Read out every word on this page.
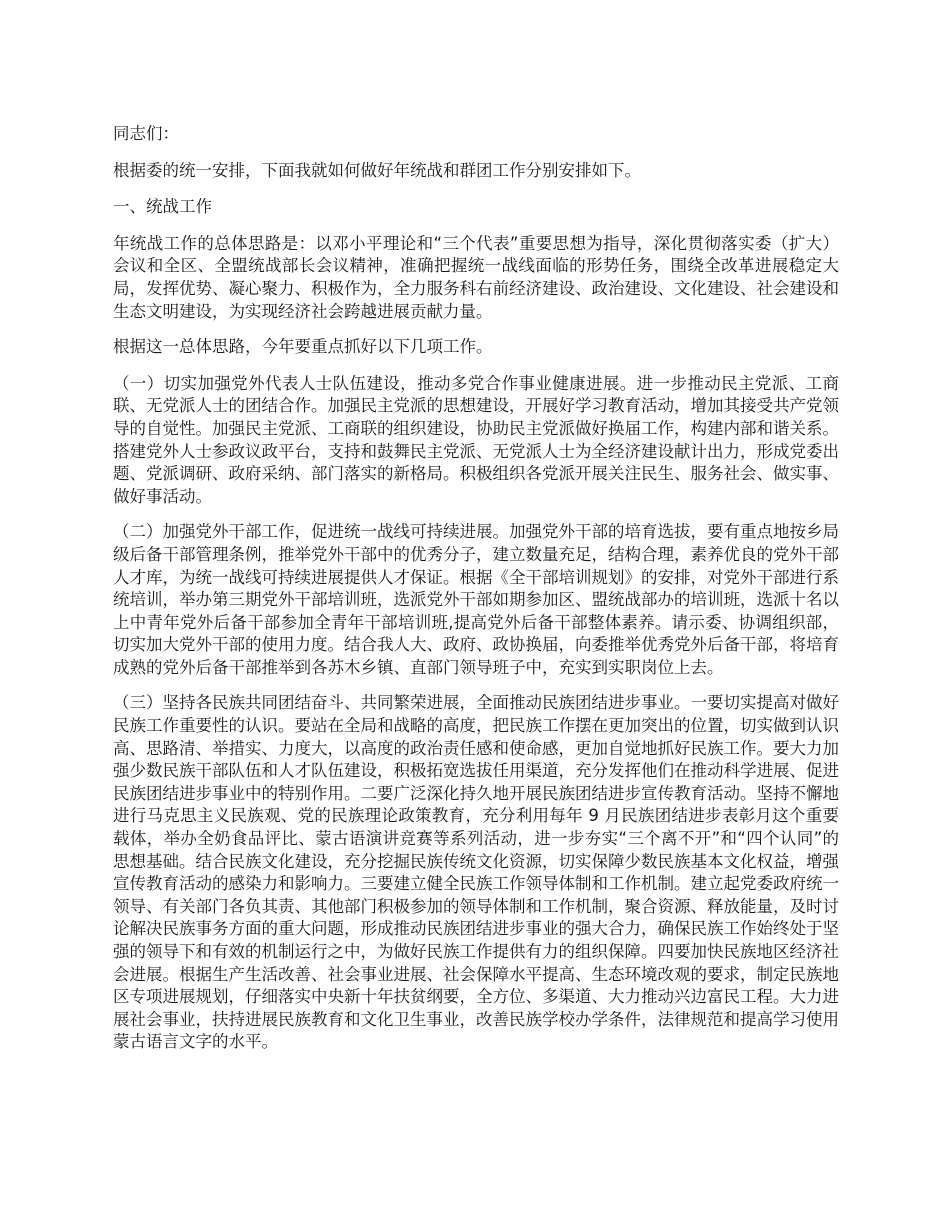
同志们：

根据委的统一安排，下面我就如何做好年统战和群团工作分别安排如下。

一、统战工作

年统战工作的总体思路是：以邓小平理论和“三个代表”重要思想为指导，深化贯彻落实委（扩大）会议和全区、全盟统战部长会议精神，准确把握统一战线面临的形势任务，围绕全改革进展稳定大局，发挥优势、凝心聚力、积极作为，全力服务科右前经济建设、政治建设、文化建设、社会建设和生态文明建设，为实现经济社会跨越进展贡献力量。

根据这一总体思路，今年要重点抓好以下几项工作。

（一）切实加强党外代表人士队伍建设，推动多党合作事业健康进展。进一步推动民主党派、工商联、无党派人士的团结合作。加强民主党派的思想建设，开展好学习教育活动，增加其接受共产党领导的自觉性。加强民主党派、工商联的组织建设，协助民主党派做好换届工作，构建内部和谐关系。搭建党外人士参政议政平台，支持和鼓舞民主党派、无党派人士为全经济建设献计出力，形成党委出题、党派调研、政府采纳、部门落实的新格局。积极组织各党派开展关注民生、服务社会、做实事、做好事活动。

（二）加强党外干部工作，促进统一战线可持续进展。加强党外干部的培育选拔，要有重点地按乡局级后备干部管理条例，推举党外干部中的优秀分子，建立数量充足，结构合理，素养优良的党外干部人才库，为统一战线可持续进展提供人才保证。根据《全干部培训规划》的安排，对党外干部进行系统培训，举办第三期党外干部培训班，选派党外干部如期参加区、盟统战部办的培训班，选派十名以上中青年党外后备干部参加全青年干部培训班,提高党外后备干部整体素养。请示委、协调组织部，切实加大党外干部的使用力度。结合我人大、政府、政协换届，向委推举优秀党外后备干部，将培育成熟的党外后备干部推举到各苏木乡镇、直部门领导班子中，充实到实职岗位上去。

（三）坚持各民族共同团结奋斗、共同繁荣进展，全面推动民族团结进步事业。一要切实提高对做好民族工作重要性的认识。要站在全局和战略的高度，把民族工作摆在更加突出的位置，切实做到认识高、思路清、举措实、力度大，以高度的政治责任感和使命感，更加自觉地抓好民族工作。要大力加强少数民族干部队伍和人才队伍建设，积极拓宽选拔任用渠道，充分发挥他们在推动科学进展、促进民族团结进步事业中的特别作用。二要广泛深化持久地开展民族团结进步宣传教育活动。坚持不懈地进行马克思主义民族观、党的民族理论政策教育，充分利用每年 9 月民族团结进步表彰月这个重要载体，举办全奶食品评比、蒙古语演讲竞赛等系列活动，进一步夯实“三个离不开”和“四个认同”的思想基础。结合民族文化建设，充分挖掘民族传统文化资源，切实保障少数民族基本文化权益，增强宣传教育活动的感染力和影响力。三要建立健全民族工作领导体制和工作机制。建立起党委政府统一领导、有关部门各负其责、其他部门积极参加的领导体制和工作机制，聚合资源、释放能量，及时讨论解决民族事务方面的重大问题，形成推动民族团结进步事业的强大合力，确保民族工作始终处于坚强的领导下和有效的机制运行之中，为做好民族工作提供有力的组织保障。四要加快民族地区经济社会进展。根据生产生活改善、社会事业进展、社会保障水平提高、生态环境改观的要求，制定民族地区专项进展规划，仔细落实中央新十年扶贫纲要，全方位、多渠道、大力推动兴边富民工程。大力进展社会事业，扶持进展民族教育和文化卫生事业，改善民族学校办学条件，法律规范和提高学习使用蒙古语言文字的水平。
